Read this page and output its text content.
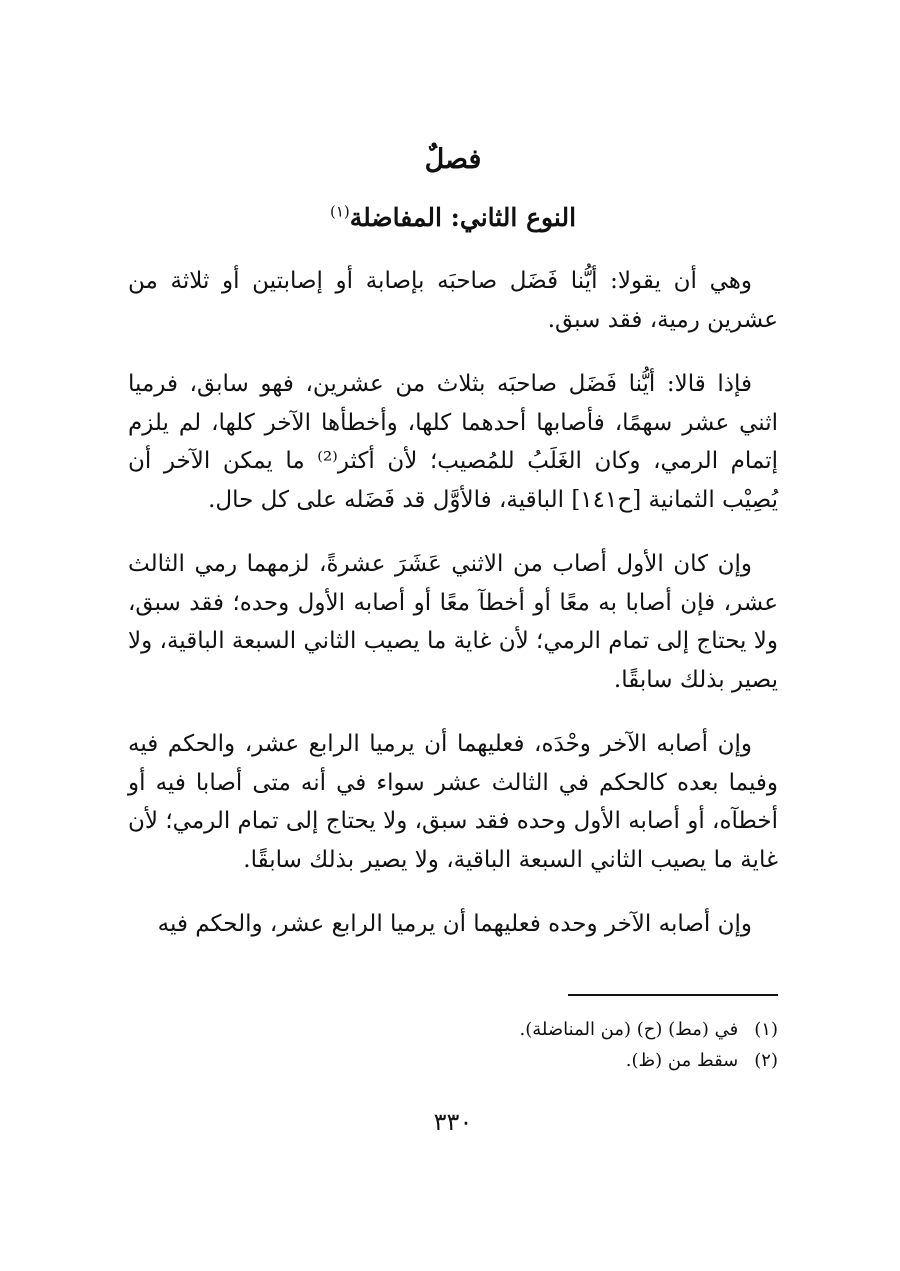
فصلٌ
النوع الثاني: المفاضلة$^{(١)}$

وهي أن يقولا: أيُّنا فَضَل صاحبَه بإصابة أو إصابتين أو ثلاثة من عشرين رمية، فقد سبق.

فإذا قالا: أيُّنا فَضَل صاحبَه بثلاث من عشرين، فهو سابق، فرميا اثني عشر سهمًا، فأصابها أحدهما كلها، وأخطأها الآخر كلها، لم يلزم إتمام الرمي، وكان الغَلَبُ للمُصيب؛ لأن أكثر⁽²⁾ ما يمكن الآخر أن يُصِيْب الثمانية [ح١٤١] الباقية، فالأوَّل قد فَضَله على كل حال.

وإن كان الأول أصاب من الاثني عَشَرَ عشرةً، لزمهما رمي الثالث عشر، فإن أصابا به معًا أو أخطآ معًا أو أصابه الأول وحده؛ فقد سبق، ولا يحتاج إلى تمام الرمي؛ لأن غاية ما يصيب الثاني السبعة الباقية، ولا يصير بذلك سابقًا.

وإن أصابه الآخر وحْدَه، فعليهما أن يرميا الرابع عشر، والحكم فيه وفيما بعده كالحكم في الثالث عشر سواء في أنه متى أصابا فيه أو أخطآه، أو أصابه الأول وحده فقد سبق، ولا يحتاج إلى تمام الرمي؛ لأن غاية ما يصيب الثاني السبعة الباقية، ولا يصير بذلك سابقًا.

وإن أصابه الآخر وحده فعليهما أن يرميا الرابع عشر، والحكم فيه

(١) في (مط) (ح) (من المناضلة).
(٢) سقط من (ظ).
٣٣٠
